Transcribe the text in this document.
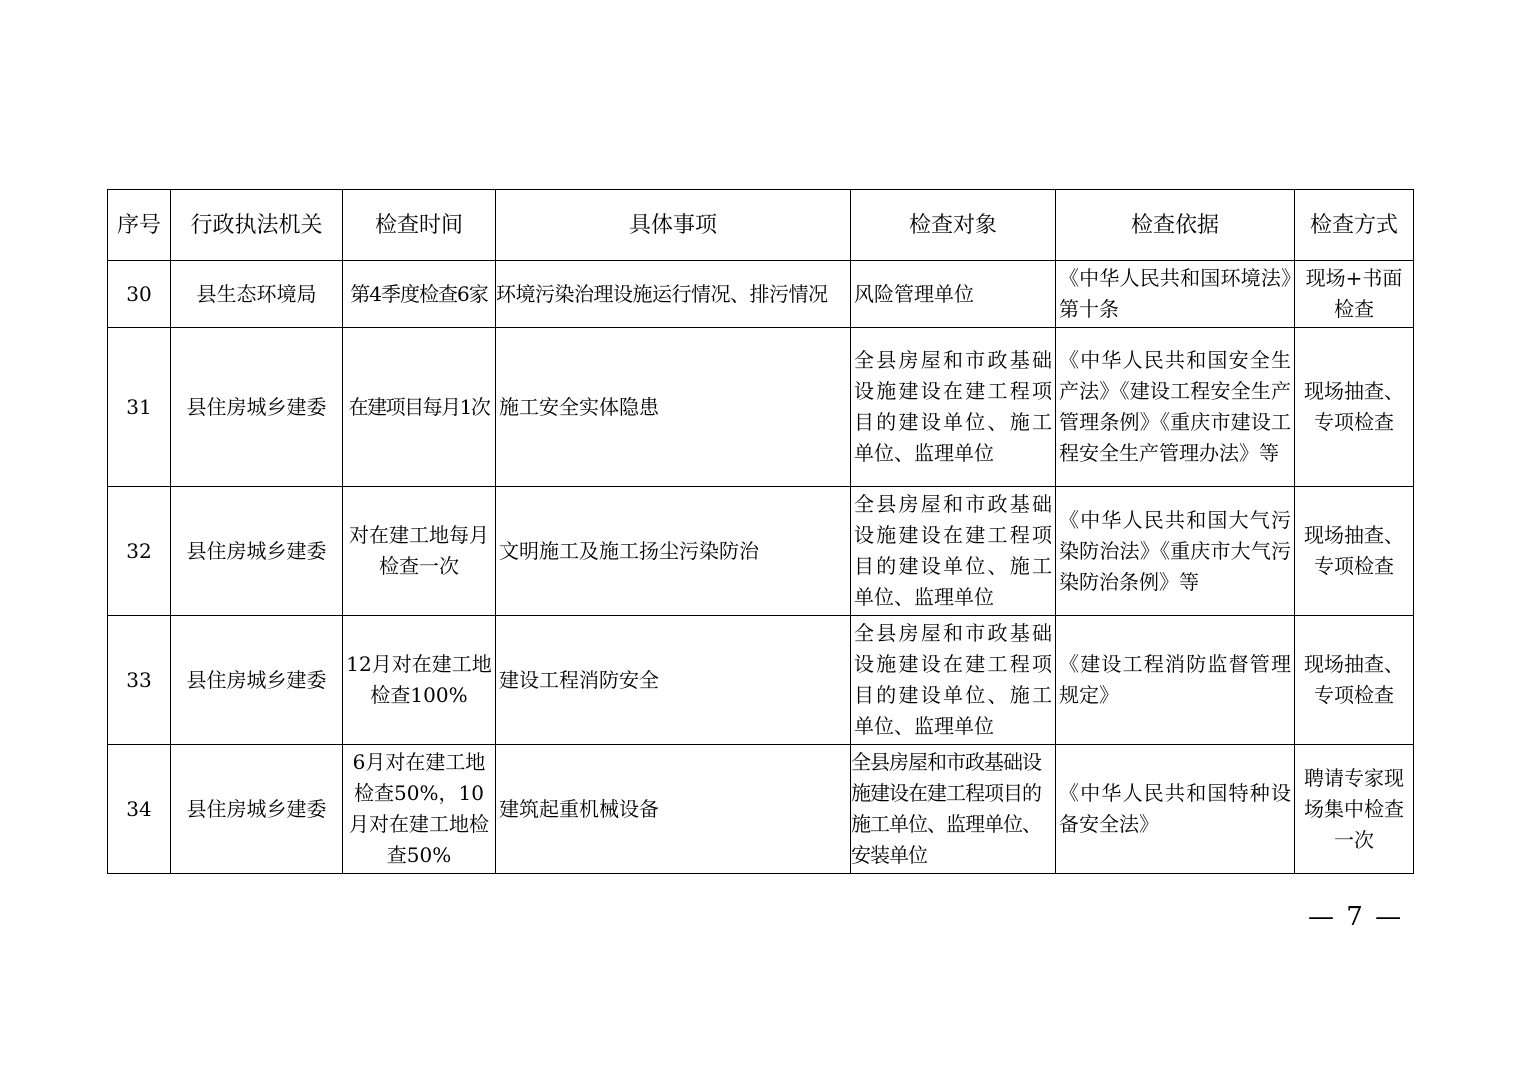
序号	行政执法机关	检查时间	具体事项	检查对象	检查依据	检查方式
30	县生态环境局	第4季度检查6家	环境污染治理设施运行情况、排污情况	风险管理单位	《中华人民共和国环境法》第十条	现场+书面检查
31	县住房城乡建委	在建项目每月1次	施工安全实体隐患	全县房屋和市政基础设施建设在建工程项目的建设单位、施工单位、监理单位	《中华人民共和国安全生产法》《建设工程安全生产管理条例》《重庆市建设工程安全生产管理办法》等	现场抽查、专项检查
32	县住房城乡建委	对在建工地每月检查一次	文明施工及施工扬尘污染防治	全县房屋和市政基础设施建设在建工程项目的建设单位、施工单位、监理单位	《中华人民共和国大气污染防治法》《重庆市大气污染防治条例》等	现场抽查、专项检查
33	县住房城乡建委	12月对在建工地检查100%	建设工程消防安全	全县房屋和市政基础设施建设在建工程项目的建设单位、施工单位、监理单位	《建设工程消防监督管理规定》	现场抽查、专项检查
34	县住房城乡建委	6月对在建工地检查50%，10月对在建工地检查50%	建筑起重机械设备	全县房屋和市政基础设施建设在建工程项目的施工单位、监理单位、安装单位	《中华人民共和国特种设备安全法》	聘请专家现场集中检查一次
— 7 —
